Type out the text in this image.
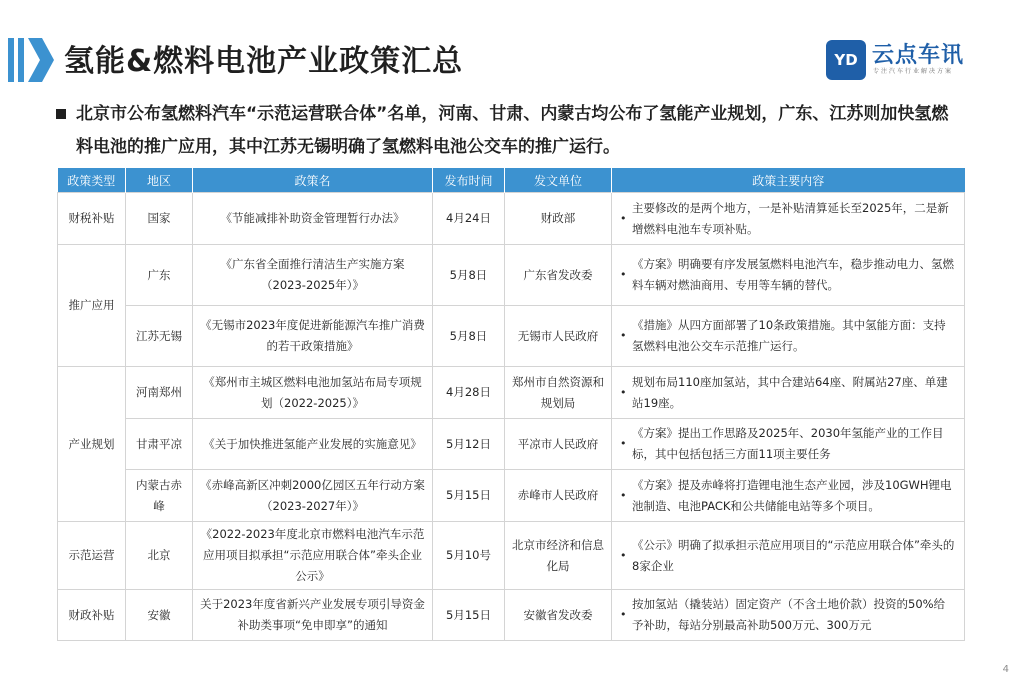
氢能&燃料电池产业政策汇总	YD 云点车讯
专注汽车行业解决方案
北京市公布氢燃料汽车“示范运营联合体”名单，河南、甘肃、内蒙古均公布了氢能产业规划，广东、江苏则加快氢燃料电池的推广应用，其中江苏无锡明确了氢燃料电池公交车的推广运行。
政策类型	地区	政策名	发布时间	发文单位	政策主要内容
财税补贴	国家	《节能减排补助资金管理暂行办法》	4月24日	财政部	• 主要修改的是两个地方，一是补贴清算延长至2025年，二是新增燃料电池车专项补贴。
推广应用	广东	《广东省全面推行清洁生产实施方案（2023-2025年）》	5月8日	广东省发改委	• 《方案》明确要有序发展氢燃料电池汽车，稳步推动电力、氢燃料车辆对燃油商用、专用等车辆的替代。
	江苏无锡	《无锡市2023年度促进新能源汽车推广消费的若干政策措施》	5月8日	无锡市人民政府	• 《措施》从四方面部署了10条政策措施。其中氢能方面：支持氢燃料电池公交车示范推广运行。
产业规划	河南郑州	《郑州市主城区燃料电池加氢站布局专项规划（2022-2025）》	4月28日	郑州市自然资源和规划局	• 规划布局110座加氢站，其中合建站64座、附属站27座、单建站19座。
	甘肃平凉	《关于加快推进氢能产业发展的实施意见》	5月12日	平凉市人民政府	• 《方案》提出工作思路及2025年、2030年氢能产业的工作目标，其中包括包括三方面11项主要任务
	内蒙古赤峰	《赤峰高新区冲刺2000亿园区五年行动方案（2023-2027年）》	5月15日	赤峰市人民政府	• 《方案》提及赤峰将打造锂电池生态产业园，涉及10GWH锂电池制造、电池PACK和公共储能电站等多个项目。
示范运营	北京	《2022-2023年度北京市燃料电池汽车示范应用项目拟承担“示范应用联合体”牵头企业公示》	5月10号	北京市经济和信息化局	• 《公示》明确了拟承担示范应用项目的“示范应用联合体”牵头的8家企业
财政补贴	安徽	关于2023年度省新兴产业发展专项引导资金补助类事项“免申即享”的通知	5月15日	安徽省发改委	• 按加氢站（撬装站）固定资产（不含土地价款）投资的50%给予补助，每站分别最高补助500万元、300万元
4
